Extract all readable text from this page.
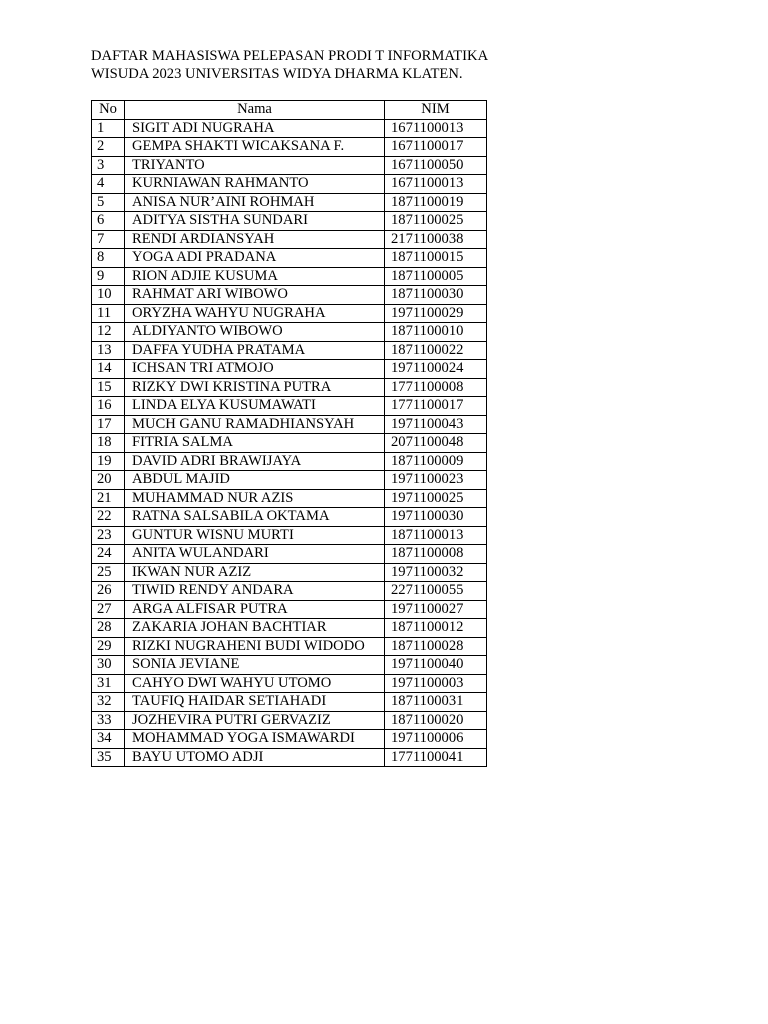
DAFTAR MAHASISWA PELEPASAN PRODI T INFORMATIKA
WISUDA 2023 UNIVERSITAS WIDYA DHARMA KLATEN.
No	Nama	NIM
1	SIGIT ADI NUGRAHA	1671100013
2	GEMPA SHAKTI WICAKSANA F.	1671100017
3	TRIYANTO	1671100050
4	KURNIAWAN RAHMANTO	1671100013
5	ANISA NUR’AINI ROHMAH	1871100019
6	ADITYA SISTHA SUNDARI	1871100025
7	RENDI ARDIANSYAH	2171100038
8	YOGA ADI PRADANA	1871100015
9	RION ADJIE KUSUMA	1871100005
10	RAHMAT ARI WIBOWO	1871100030
11	ORYZHA WAHYU NUGRAHA	1971100029
12	ALDIYANTO WIBOWO	1871100010
13	DAFFA YUDHA PRATAMA	1871100022
14	ICHSAN TRI ATMOJO	1971100024
15	RIZKY DWI KRISTINA PUTRA	1771100008
16	LINDA ELYA KUSUMAWATI	1771100017
17	MUCH GANU RAMADHIANSYAH	1971100043
18	FITRIA SALMA	2071100048
19	DAVID ADRI BRAWIJAYA	1871100009
20	ABDUL MAJID	1971100023
21	MUHAMMAD NUR AZIS	1971100025
22	RATNA SALSABILA OKTAMA	1971100030
23	GUNTUR WISNU MURTI	1871100013
24	ANITA WULANDARI	1871100008
25	IKWAN NUR AZIZ	1971100032
26	TIWID RENDY ANDARA	2271100055
27	ARGA ALFISAR PUTRA	1971100027
28	ZAKARIA JOHAN BACHTIAR	1871100012
29	RIZKI NUGRAHENI BUDI WIDODO	1871100028
30	SONIA JEVIANE	1971100040
31	CAHYO DWI WAHYU UTOMO	1971100003
32	TAUFIQ HAIDAR SETIAHADI	1871100031
33	JOZHEVIRA PUTRI GERVAZIZ	1871100020
34	MOHAMMAD YOGA ISMAWARDI	1971100006
35	BAYU UTOMO ADJI	1771100041
